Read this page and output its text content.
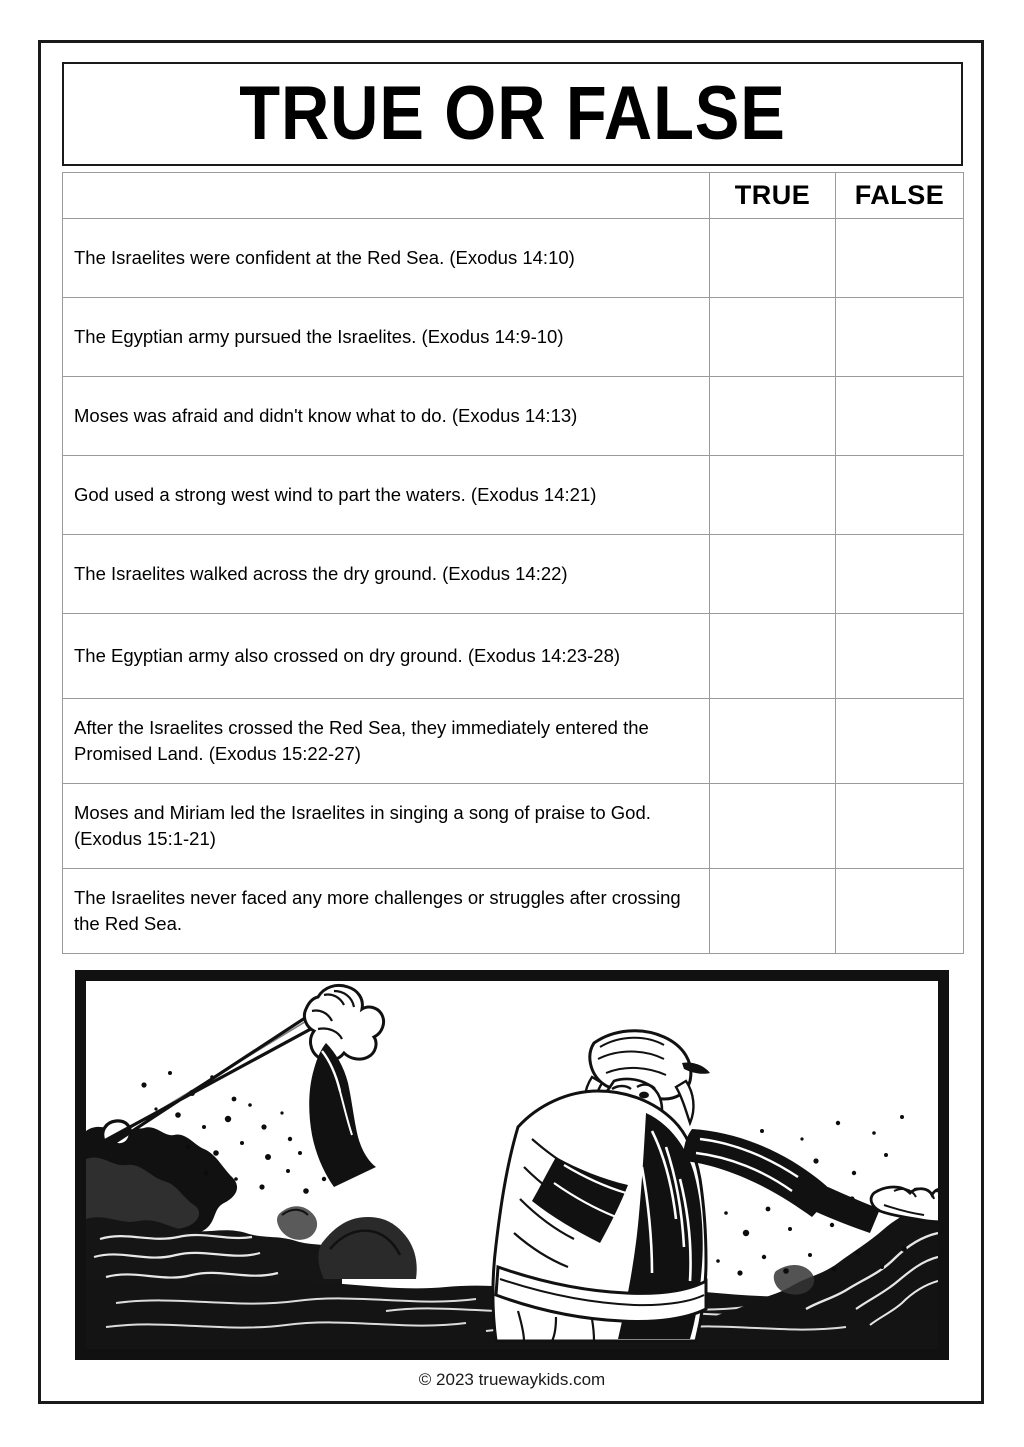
TRUE OR FALSE
	TRUE	FALSE
The Israelites were confident at the Red Sea. (Exodus 14:10)		
The Egyptian army pursued the Israelites. (Exodus 14:9-10)		
Moses was afraid and didn't know what to do. (Exodus 14:13)		
God used a strong west wind to part the waters. (Exodus 14:21)		
The Israelites walked across the dry ground. (Exodus 14:22)		
The Egyptian army also crossed on dry ground. (Exodus 14:23-28)		
After the Israelites crossed the Red Sea, they immediately entered the Promised Land. (Exodus 15:22-27)		
Moses and Miriam led the Israelites in singing a song of praise to God. (Exodus 15:1-21)		
The Israelites never faced any more challenges or struggles after crossing the Red Sea.		
© 2023 truewaykids.com
